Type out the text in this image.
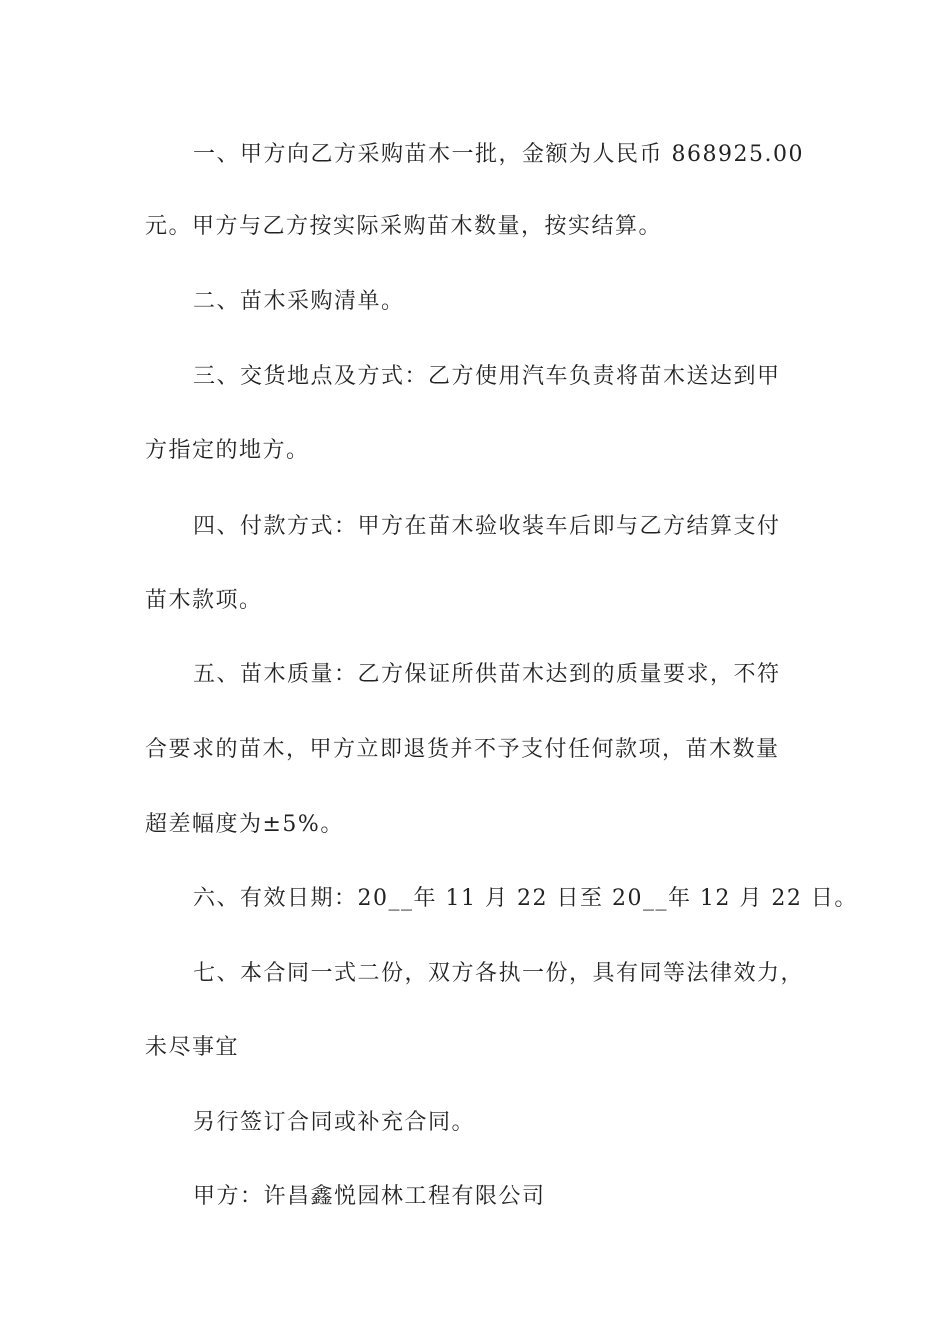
一、甲方向乙方采购苗木一批，金额为人民币 868925.00
元。甲方与乙方按实际采购苗木数量，按实结算。
二、苗木采购清单。
三、交货地点及方式：乙方使用汽车负责将苗木送达到甲
方指定的地方。
四、付款方式：甲方在苗木验收装车后即与乙方结算支付
苗木款项。
五、苗木质量：乙方保证所供苗木达到的质量要求，不符
合要求的苗木，甲方立即退货并不予支付任何款项，苗木数量
超差幅度为±5%。
六、有效日期：20__年 11 月 22 日至 20__年 12 月 22 日。
七、本合同一式二份，双方各执一份，具有同等法律效力，
未尽事宜
另行签订合同或补充合同。
甲方：许昌鑫悦园林工程有限公司
